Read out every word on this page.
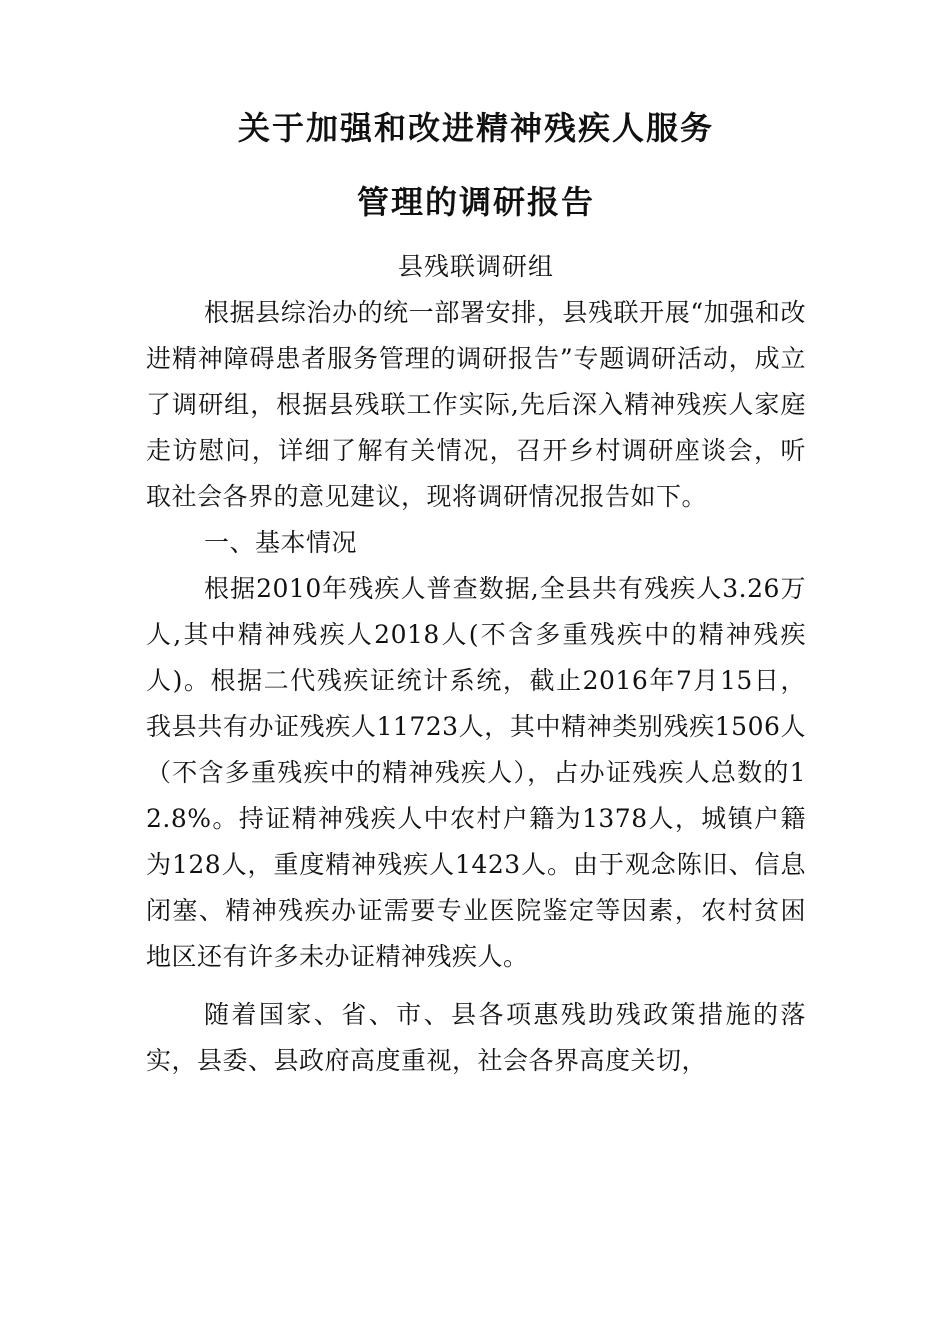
关于加强和改进精神残疾人服务
管理的调研报告

县残联调研组

根据县综治办的统一部署安排，县残联开展“加强和改进精神障碍患者服务管理的调研报告”专题调研活动，成立了调研组，根据县残联工作实际,先后深入精神残疾人家庭走访慰问，详细了解有关情况，召开乡村调研座谈会，听取社会各界的意见建议，现将调研情况报告如下。

一、基本情况

根据2010年残疾人普查数据,全县共有残疾人3.26万人,其中精神残疾人2018人(不含多重残疾中的精神残疾人)。根据二代残疾证统计系统，截止2016年7月15日，我县共有办证残疾人11723人，其中精神类别残疾1506人（不含多重残疾中的精神残疾人），占办证残疾人总数的12.8%。持证精神残疾人中农村户籍为1378人，城镇户籍为128人，重度精神残疾人1423人。由于观念陈旧、信息闭塞、精神残疾办证需要专业医院鉴定等因素，农村贫困地区还有许多未办证精神残疾人。

随着国家、省、市、县各项惠残助残政策措施的落实，县委、县政府高度重视，社会各界高度关切，
